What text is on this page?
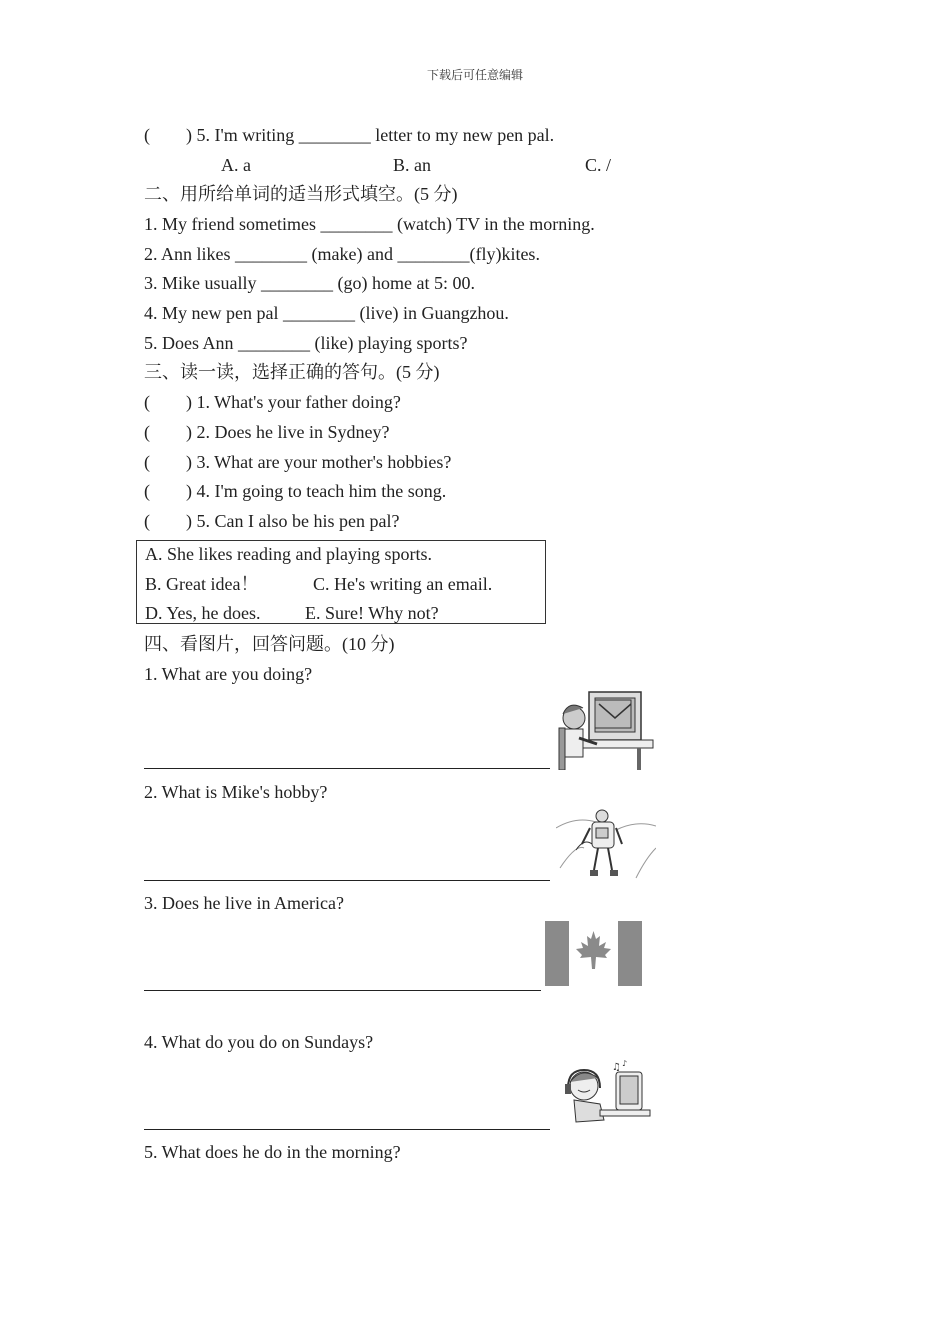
下载后可任意编辑
(        ) 5. I'm writing ________ letter to my new pen pal.
A. a	B. an	C. /
二、用所给单词的适当形式填空。(5 分)
1. My friend sometimes ________ (watch) TV in the morning.
2. Ann likes ________ (make) and ________(fly)kites.
3. Mike usually ________ (go) home at 5: 00.
4. My new pen pal ________ (live) in Guangzhou.
5. Does Ann ________ (like) playing sports?
三、读一读，选择正确的答句。(5 分)
(        ) 1. What's your father doing?
(        ) 2. Does he live in Sydney?
(        ) 3. What are your mother's hobbies?
(        ) 4. I'm going to teach him the song.
(        ) 5. Can I also be his pen pal?
A. She likes reading and playing sports.
B. Great idea！	C. He's writing an email.
D. Yes, he does. E. Sure! Why not?
四、看图片，回答问题。(10 分)
1. What are you doing?
2. What is Mike's hobby?
3. Does he live in America?
4. What do you do on Sundays?
♫ ♪
5. What does he do in the morning?
